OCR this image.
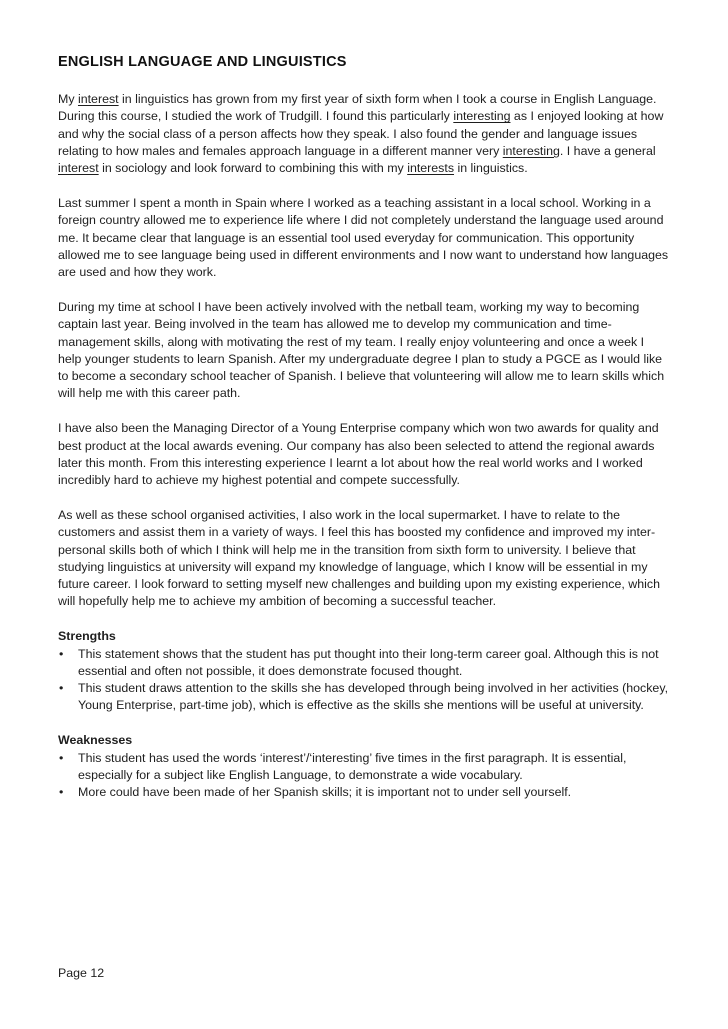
ENGLISH LANGUAGE AND LINGUISTICS

My interest in linguistics has grown from my first year of sixth form when I took a course in English Language. During this course, I studied the work of Trudgill. I found this particularly interesting as I enjoyed looking at how and why the social class of a person affects how they speak. I also found the gender and language issues relating to how males and females approach language in a different manner very interesting. I have a general interest in sociology and look forward to combining this with my interests in linguistics.

Last summer I spent a month in Spain where I worked as a teaching assistant in a local school. Working in a foreign country allowed me to experience life where I did not completely understand the language used around me. It became clear that language is an essential tool used everyday for communication. This opportunity allowed me to see language being used in different environments and I now want to understand how languages are used and how they work.

During my time at school I have been actively involved with the netball team, working my way to becoming captain last year. Being involved in the team has allowed me to develop my communication and time-management skills, along with motivating the rest of my team. I really enjoy volunteering and once a week I help younger students to learn Spanish. After my undergraduate degree I plan to study a PGCE as I would like to become a secondary school teacher of Spanish. I believe that volunteering will allow me to learn skills which will help me with this career path.

I have also been the Managing Director of a Young Enterprise company which won two awards for quality and best product at the local awards evening. Our company has also been selected to attend the regional awards later this month. From this interesting experience I learnt a lot about how the real world works and I worked incredibly hard to achieve my highest potential and compete successfully.

As well as these school organised activities, I also work in the local supermarket. I have to relate to the customers and assist them in a variety of ways. I feel this has boosted my confidence and improved my inter-personal skills both of which I think will help me in the transition from sixth form to university. I believe that studying linguistics at university will expand my knowledge of language, which I know will be essential in my future career. I look forward to setting myself new challenges and building upon my existing experience, which will hopefully help me to achieve my ambition of becoming a successful teacher.

Strengths
• This statement shows that the student has put thought into their long-term career goal. Although this is not essential and often not possible, it does demonstrate focused thought.
• This student draws attention to the skills she has developed through being involved in her activities (hockey, Young Enterprise, part-time job), which is effective as the skills she mentions will be useful at university.
Weaknesses
• This student has used the words ‘interest’/‘interesting’ five times in the first paragraph. It is essential, especially for a subject like English Language, to demonstrate a wide vocabulary.
• More could have been made of her Spanish skills; it is important not to under sell yourself.
Page 12
